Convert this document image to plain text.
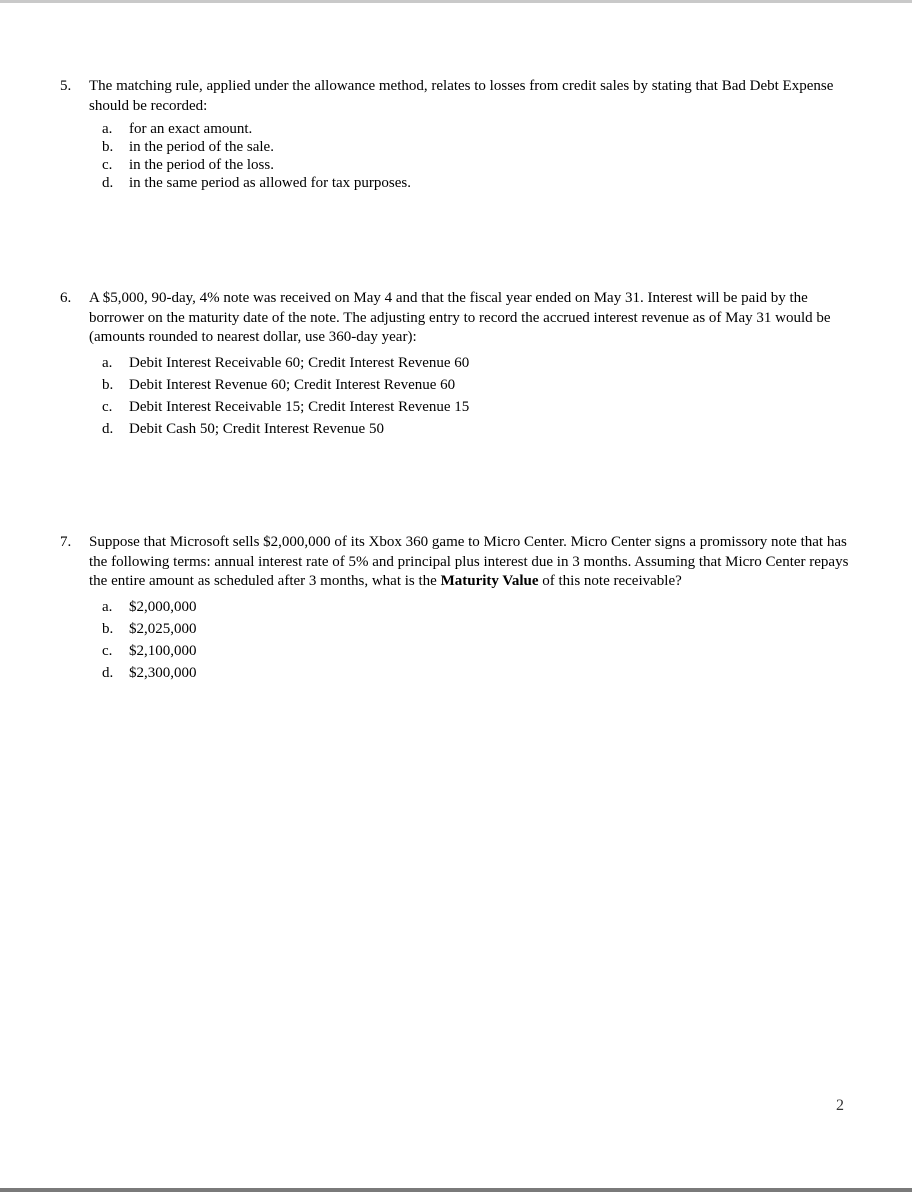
5.	The matching rule, applied under the allowance method, relates to losses from credit sales by stating that Bad Debt Expense should be recorded:
a.	for an exact amount.
b.	in the period of the sale.
c.	in the period of the loss.
d.	in the same period as allowed for tax purposes.
6.	A $5,000, 90-day, 4% note was received on May 4 and that the fiscal year ended on May 31. Interest will be paid by the borrower on the maturity date of the note. The adjusting entry to record the accrued interest revenue as of May 31 would be (amounts rounded to nearest dollar, use 360-day year):
a.	Debit Interest Receivable 60; Credit Interest Revenue 60
b.	Debit Interest Revenue 60; Credit Interest Revenue 60
c.	Debit Interest Receivable 15; Credit Interest Revenue 15
d.	Debit Cash 50; Credit Interest Revenue 50
7.	Suppose that Microsoft sells $2,000,000 of its Xbox 360 game to Micro Center. Micro Center signs a promissory note that has the following terms: annual interest rate of 5% and principal plus interest due in 3 months. Assuming that Micro Center repays the entire amount as scheduled after 3 months, what is the Maturity Value of this note receivable?
a.	$2,000,000
b.	$2,025,000
c.	$2,100,000
d.	$2,300,000
2
